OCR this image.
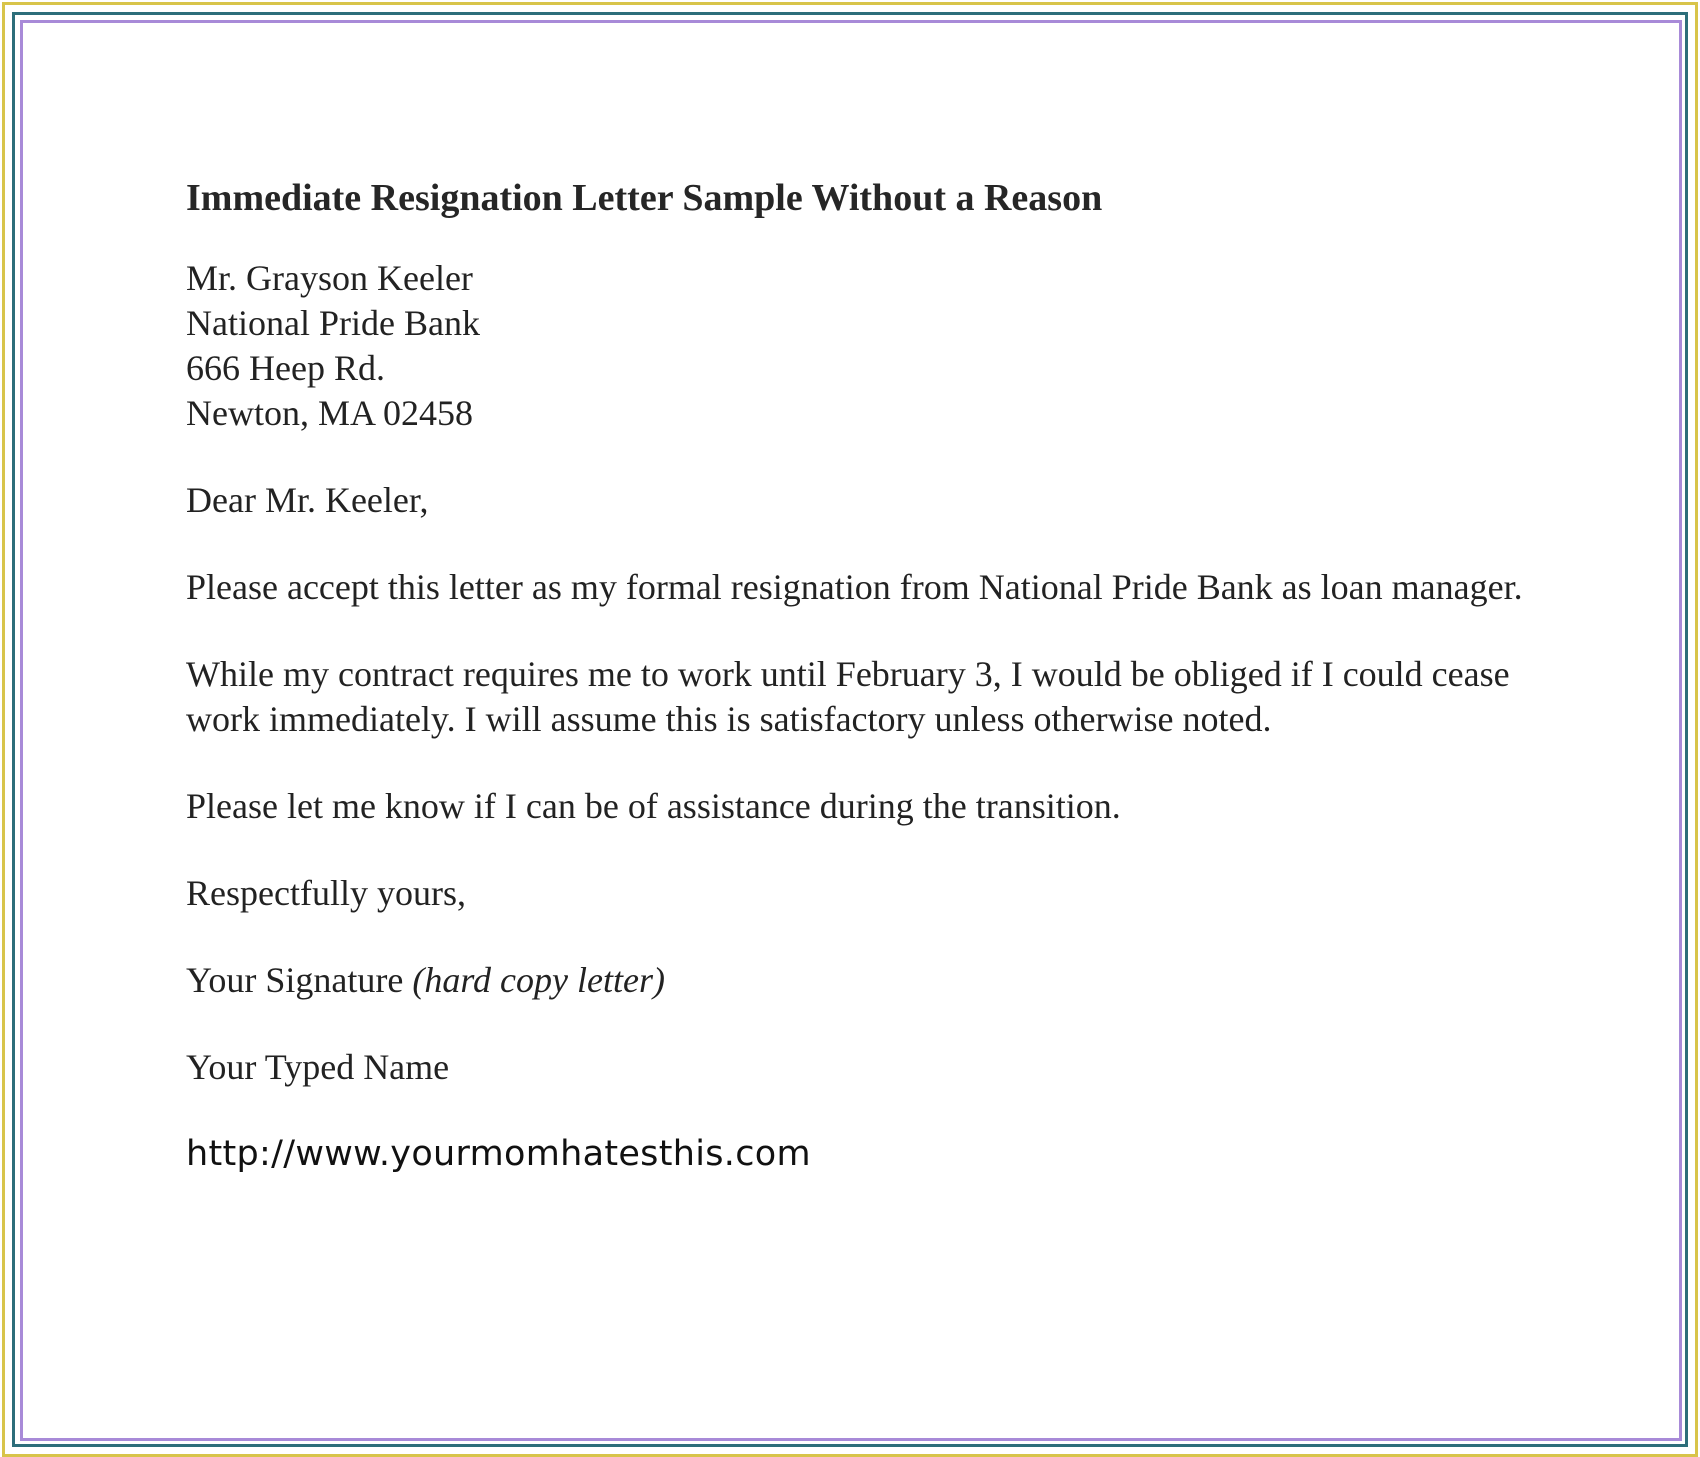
Immediate Resignation Letter Sample Without a Reason
Mr. Grayson Keeler
National Pride Bank
666 Heep Rd.
Newton, MA 02458

Dear Mr. Keeler,

Please accept this letter as my formal resignation from National Pride Bank as loan manager.

While my contract requires me to work until February 3, I would be obliged if I could cease work immediately. I will assume this is satisfactory unless otherwise noted.

Please let me know if I can be of assistance during the transition.

Respectfully yours,

Your Signature (hard copy letter)

Your Typed Name

http://www.yourmomhatesthis.com
